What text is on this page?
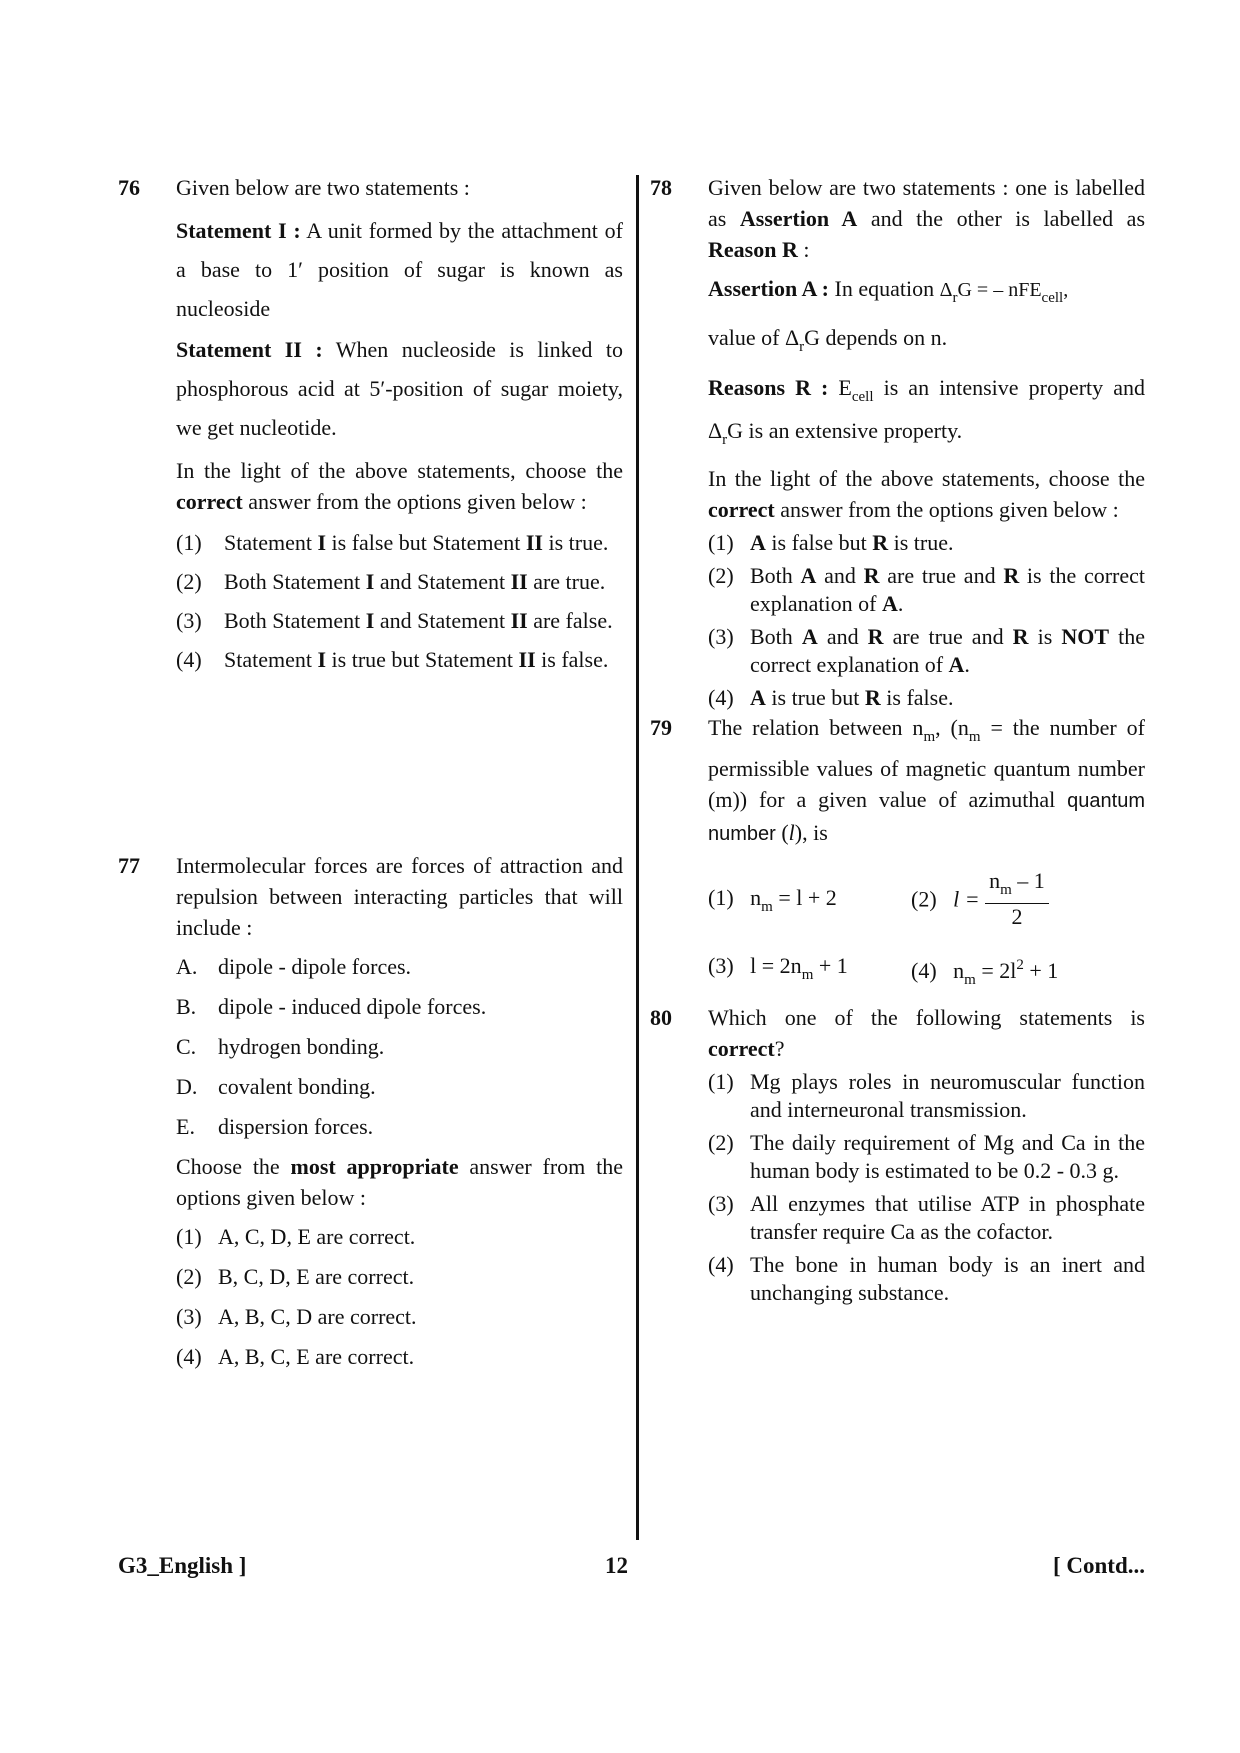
76 Given below are two statements :

Statement I : A unit formed by the attachment of a base to 1′ position of sugar is known as nucleoside

Statement II : When nucleoside is linked to phosphorous acid at 5′-position of sugar moiety, we get nucleotide.

In the light of the above statements, choose the correct answer from the options given below :

(1) Statement I is false but Statement II is true.
(2) Both Statement I and Statement II are true.
(3) Both Statement I and Statement II are false.
(4) Statement I is true but Statement II is false.
77 Intermolecular forces are forces of attraction and repulsion between interacting particles that will include :

A. dipole - dipole forces.
B. dipole - induced dipole forces.
C. hydrogen bonding.
D. covalent bonding.
E. dispersion forces.

Choose the most appropriate answer from the options given below :

(1) A, C, D, E are correct.
(2) B, C, D, E are correct.
(3) A, B, C, D are correct.
(4) A, B, C, E are correct.
78 Given below are two statements : one is labelled as Assertion A and the other is labelled as Reason R :

Assertion A : In equation $\Delta_rG$ = – nFE$_{cell}$,

value of $\Delta_rG$ depends on n.

Reasons R : $E_{cell}$ is an intensive property and $\Delta_rG$ is an extensive property.

In the light of the above statements, choose the correct answer from the options given below :

(1) A is false but R is true.
(2) Both A and R are true and R is the correct explanation of A.
(3) Both A and R are true and R is NOT the correct explanation of A.
(4) A is true but R is false.
79 The relation between $n_m$, ($n_m$ = the number of permissible values of magnetic quantum number (m)) for a given value of azimuthal quantum number (l), is

(1) $n_m = l + 2$	(2) $l = \frac{n_m - 1}{2}$
(3) $l = 2n_m + 1$	(4) $n_m = 2l^2 + 1$
80 Which one of the following statements is correct?

(1) Mg plays roles in neuromuscular function and interneuronal transmission.
(2) The daily requirement of Mg and Ca in the human body is estimated to be 0.2 - 0.3 g.
(3) All enzymes that utilise ATP in phosphate transfer require Ca as the cofactor.
(4) The bone in human body is an inert and unchanging substance.
G3_English ]	12	[ Contd...
